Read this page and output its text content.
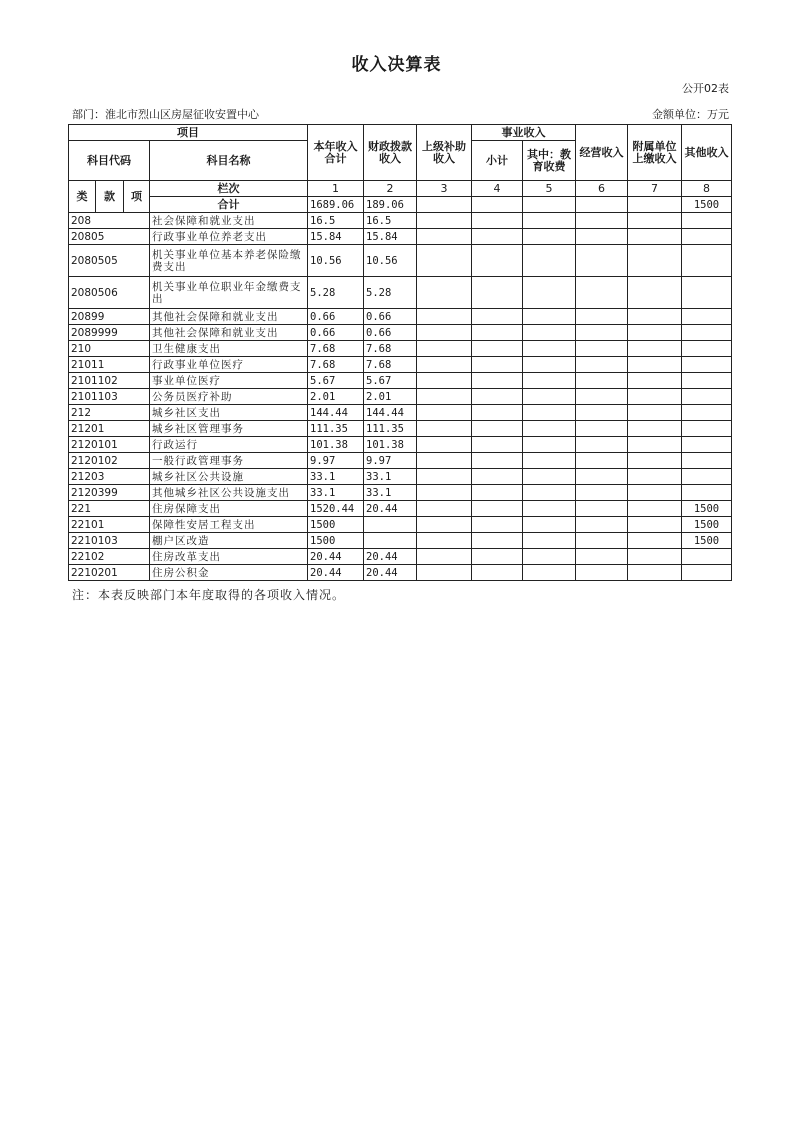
收入决算表
公开02表
部门：淮北市烈山区房屋征收安置中心	金额单位：万元
项目				本年收入合计	财政拨款收入	上级补助收入	事业收入		经营收入	附属单位上缴收入	其他收入
科目代码			科目名称				小计	其中：教育收费			

类	款	项	栏次	1	2	3	4	5	6	7	8
			合计	1689.06	189.06						1500
208			社会保障和就业支出	16.5	16.5						
20805			行政事业单位养老支出	15.84	15.84						
2080505			机关事业单位基本养老保险缴费支出	10.56	10.56						
2080506			机关事业单位职业年金缴费支出	5.28	5.28						
20899			其他社会保障和就业支出	0.66	0.66						
2089999			其他社会保障和就业支出	0.66	0.66						
210			卫生健康支出	7.68	7.68						
21011			行政事业单位医疗	7.68	7.68						
2101102			事业单位医疗	5.67	5.67						
2101103			公务员医疗补助	2.01	2.01						
212			城乡社区支出	144.44	144.44						
21201			城乡社区管理事务	111.35	111.35						
2120101			行政运行	101.38	101.38						
2120102			一般行政管理事务	9.97	9.97						
21203			城乡社区公共设施	33.1	33.1						
2120399			其他城乡社区公共设施支出	33.1	33.1						
221			住房保障支出	1520.44	20.44						1500
22101			保障性安居工程支出	1500							1500
2210103			棚户区改造	1500							1500
22102			住房改革支出	20.44	20.44						
2210201			住房公积金	20.44	20.44						
注：本表反映部门本年度取得的各项收入情况。
